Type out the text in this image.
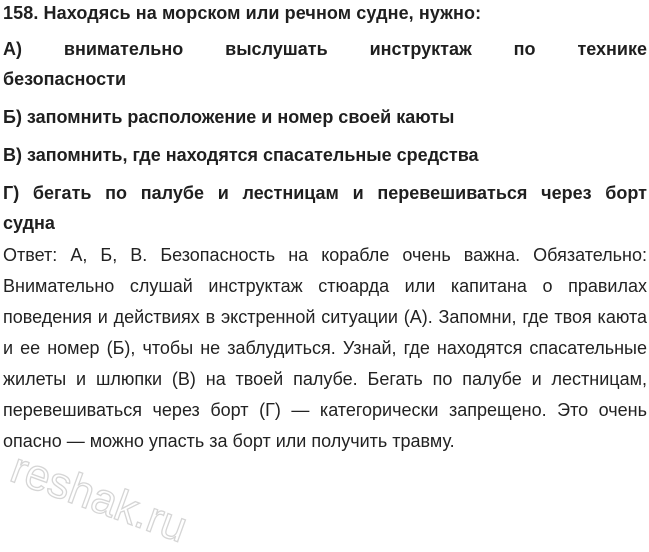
158. Находясь на морском или речном судне, нужно:

А) внимательно выслушать инструктаж по технике
безопасности

Б) запомнить расположение и номер своей каюты

В) запомнить, где находятся спасательные средства

Г) бегать по палубе и лестницам и перевешиваться через борт
судна

Ответ: А, Б, В. Безопасность на корабле очень важна. Обязательно: Внимательно слушай инструктаж стюарда или капитана о правилах поведения и действиях в экстренной ситуации (А). Запомни, где твоя каюта и ее номер (Б), чтобы не заблудиться. Узнай, где находятся спасательные жилеты и шлюпки (В) на твоей палубе. Бегать по палубе и лестницам, перевешиваться через борт (Г) — категорически запрещено. Это очень опасно — можно упасть за борт или получить травму.

reshak.ru
